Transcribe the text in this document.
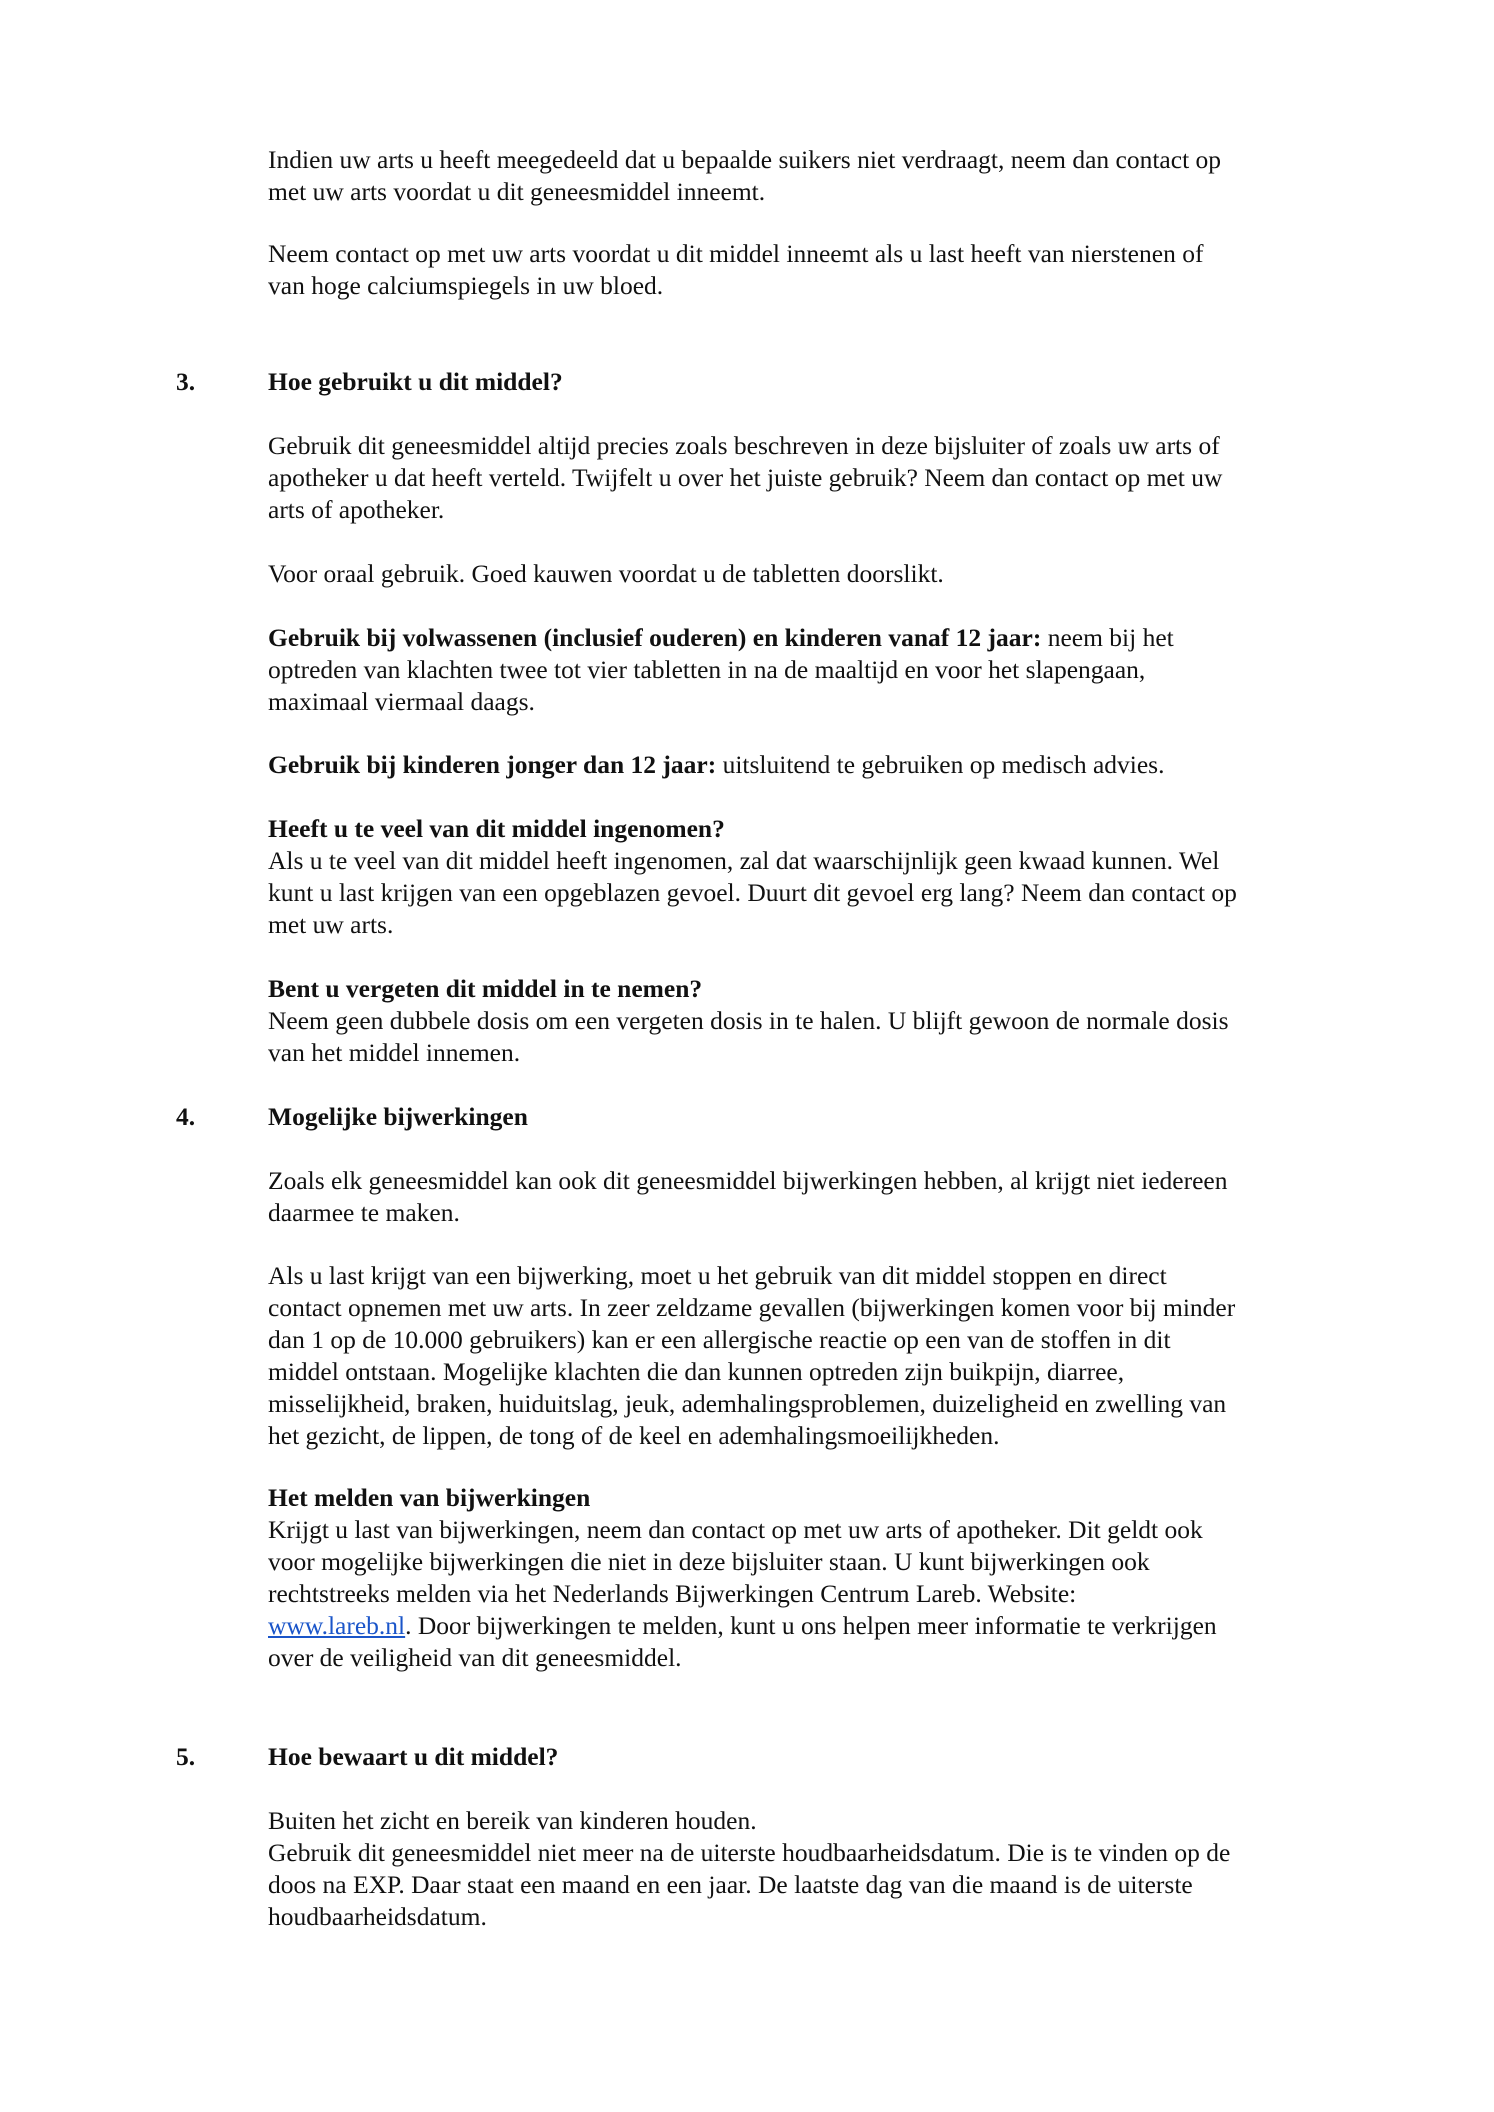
Indien uw arts u heeft meegedeeld dat u bepaalde suikers niet verdraagt, neem dan contact op
met uw arts voordat u dit geneesmiddel inneemt.

Neem contact op met uw arts voordat u dit middel inneemt als u last heeft van nierstenen of
van hoge calciumspiegels in uw bloed.

3.	Hoe gebruikt u dit middel?

Gebruik dit geneesmiddel altijd precies zoals beschreven in deze bijsluiter of zoals uw arts of
apotheker u dat heeft verteld. Twijfelt u over het juiste gebruik? Neem dan contact op met uw
arts of apotheker.

Voor oraal gebruik. Goed kauwen voordat u de tabletten doorslikt.

Gebruik bij volwassenen (inclusief ouderen) en kinderen vanaf 12 jaar: neem bij het
optreden van klachten twee tot vier tabletten in na de maaltijd en voor het slapengaan,
maximaal viermaal daags.

Gebruik bij kinderen jonger dan 12 jaar: uitsluitend te gebruiken op medisch advies.

Heeft u te veel van dit middel ingenomen?
Als u te veel van dit middel heeft ingenomen, zal dat waarschijnlijk geen kwaad kunnen. Wel
kunt u last krijgen van een opgeblazen gevoel. Duurt dit gevoel erg lang? Neem dan contact op
met uw arts.

Bent u vergeten dit middel in te nemen?
Neem geen dubbele dosis om een vergeten dosis in te halen. U blijft gewoon de normale dosis
van het middel innemen.

4.	Mogelijke bijwerkingen

Zoals elk geneesmiddel kan ook dit geneesmiddel bijwerkingen hebben, al krijgt niet iedereen
daarmee te maken.

Als u last krijgt van een bijwerking, moet u het gebruik van dit middel stoppen en direct
contact opnemen met uw arts. In zeer zeldzame gevallen (bijwerkingen komen voor bij minder
dan 1 op de 10.000 gebruikers) kan er een allergische reactie op een van de stoffen in dit
middel ontstaan. Mogelijke klachten die dan kunnen optreden zijn buikpijn, diarree,
misselijkheid, braken, huiduitslag, jeuk, ademhalingsproblemen, duizeligheid en zwelling van
het gezicht, de lippen, de tong of de keel en ademhalingsmoeilijkheden.

Het melden van bijwerkingen
Krijgt u last van bijwerkingen, neem dan contact op met uw arts of apotheker. Dit geldt ook
voor mogelijke bijwerkingen die niet in deze bijsluiter staan. U kunt bijwerkingen ook
rechtstreeks melden via het Nederlands Bijwerkingen Centrum Lareb. Website:
www.lareb.nl. Door bijwerkingen te melden, kunt u ons helpen meer informatie te verkrijgen
over de veiligheid van dit geneesmiddel.

5.	Hoe bewaart u dit middel?

Buiten het zicht en bereik van kinderen houden.
Gebruik dit geneesmiddel niet meer na de uiterste houdbaarheidsdatum. Die is te vinden op de
doos na EXP. Daar staat een maand en een jaar. De laatste dag van die maand is de uiterste
houdbaarheidsdatum.
